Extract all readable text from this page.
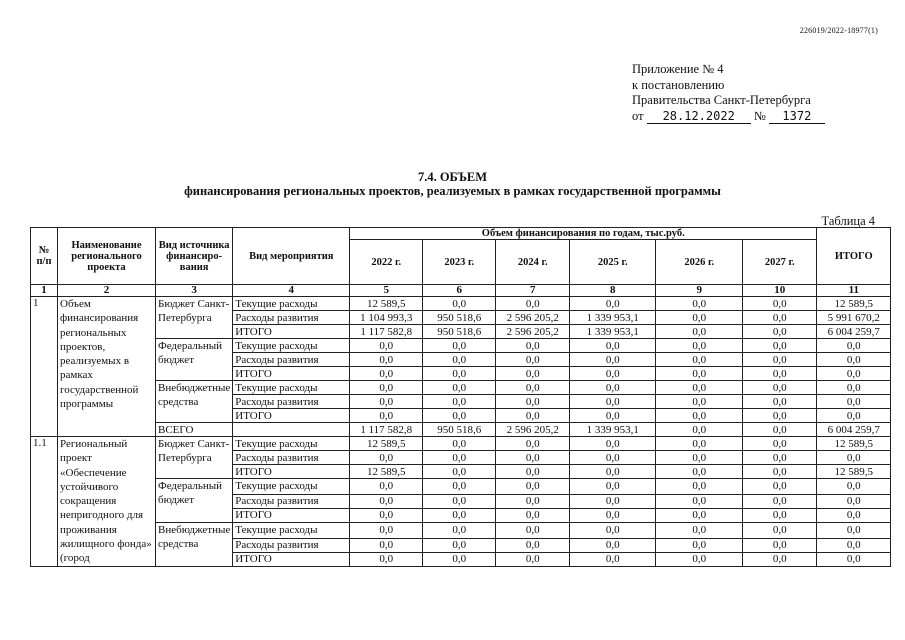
226019/2022-18977(1)
Приложение № 4
к постановлению
Правительства Санкт-Петербурга
от 28.12.2022 № 1372
7.4. ОБЪЕМ
финансирования региональных проектов, реализуемых в рамках государственной программы
Таблица 4
№ п/п	Наименование регионального проекта	Вид источника финансиро-вания	Вид мероприятия	Объем финансирования по годам, тыс.руб.						ИТОГО
				2022 г.	2023 г.	2024 г.	2025 г.	2026 г.	2027 г.	
1	2	3	4	5	6	7	8	9	10	11
1	Объем финансирования региональных проектов, реализуемых в рамках государственной программы	Бюджет Санкт-Петербурга	Текущие расходы	12 589,5	0,0	0,0	0,0	0,0	0,0	12 589,5
			Расходы развития	1 104 993,3	950 518,6	2 596 205,2	1 339 953,1	0,0	0,0	5 991 670,2
			ИТОГО	1 117 582,8	950 518,6	2 596 205,2	1 339 953,1	0,0	0,0	6 004 259,7
		Федеральный бюджет	Текущие расходы	0,0	0,0	0,0	0,0	0,0	0,0	0,0
			Расходы развития	0,0	0,0	0,0	0,0	0,0	0,0	0,0
			ИТОГО	0,0	0,0	0,0	0,0	0,0	0,0	0,0
		Внебюджетные средства	Текущие расходы	0,0	0,0	0,0	0,0	0,0	0,0	0,0
			Расходы развития	0,0	0,0	0,0	0,0	0,0	0,0	0,0
			ИТОГО	0,0	0,0	0,0	0,0	0,0	0,0	0,0
		ВСЕГО		1 117 582,8	950 518,6	2 596 205,2	1 339 953,1	0,0	0,0	6 004 259,7
1.1	Региональный проект «Обеспечение устойчивого сокращения непригодного для проживания жилищного фонда» (город	Бюджет Санкт-Петербурга	Текущие расходы	12 589,5	0,0	0,0	0,0	0,0	0,0	12 589,5
			Расходы развития	0,0	0,0	0,0	0,0	0,0	0,0	0,0
			ИТОГО	12 589,5	0,0	0,0	0,0	0,0	0,0	12 589,5
		Федеральный бюджет	Текущие расходы	0,0	0,0	0,0	0,0	0,0	0,0	0,0
			Расходы развития	0,0	0,0	0,0	0,0	0,0	0,0	0,0
			ИТОГО	0,0	0,0	0,0	0,0	0,0	0,0	0,0
		Внебюджетные средства	Текущие расходы	0,0	0,0	0,0	0,0	0,0	0,0	0,0
			Расходы развития	0,0	0,0	0,0	0,0	0,0	0,0	0,0
			ИТОГО	0,0	0,0	0,0	0,0	0,0	0,0	0,0
